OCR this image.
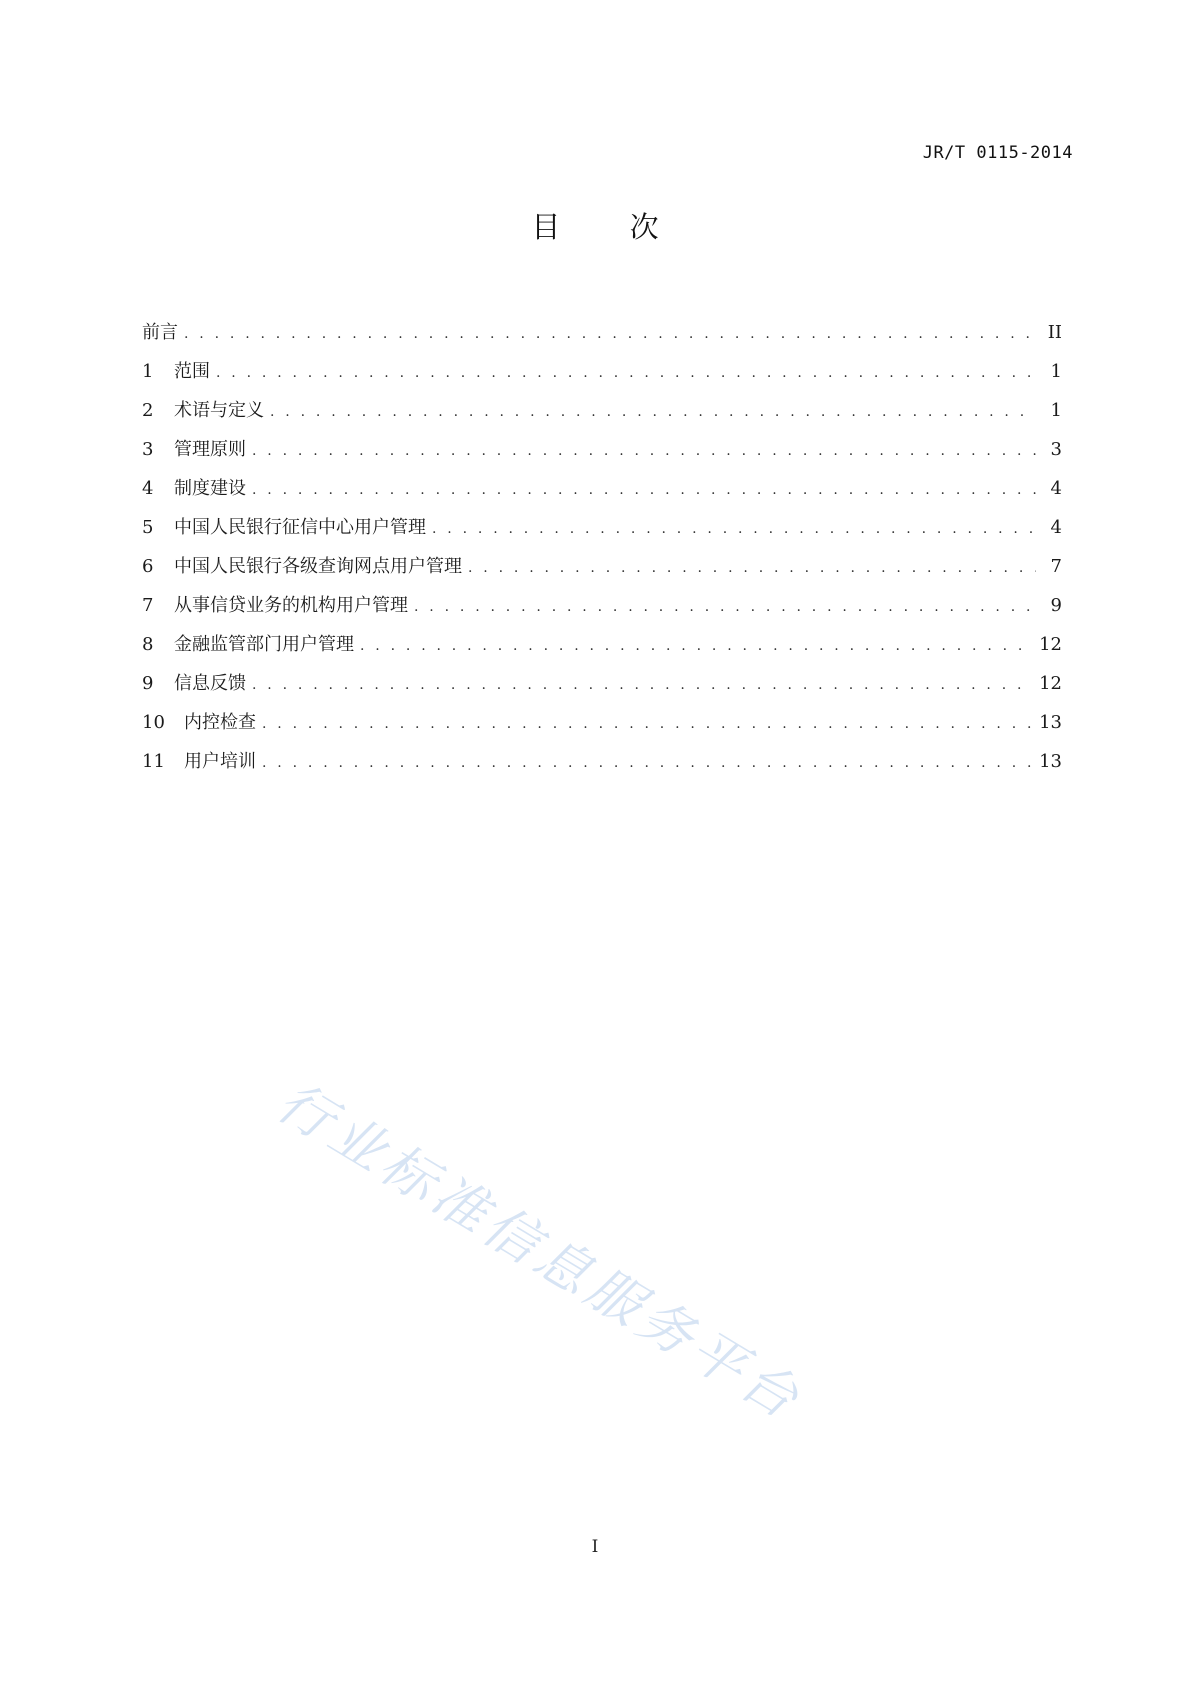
JR/T 0115-2014
目 次
前言 . . .	II
1	范围 . . .	1
2	术语与定义 . . .	1
3	管理原则 . . .	3
4	制度建设 . . .	4
5	中国人民银行征信中心用户管理 . . .	4
6	中国人民银行各级查询网点用户管理 . . .	7
7	从事信贷业务的机构用户管理 . . .	9
8	金融监管部门用户管理 . . .	12
9	信息反馈 . . .	12
10	内控检查 . . .	13
11	用户培训 . . .	13
行业标准信息服务平台
I
